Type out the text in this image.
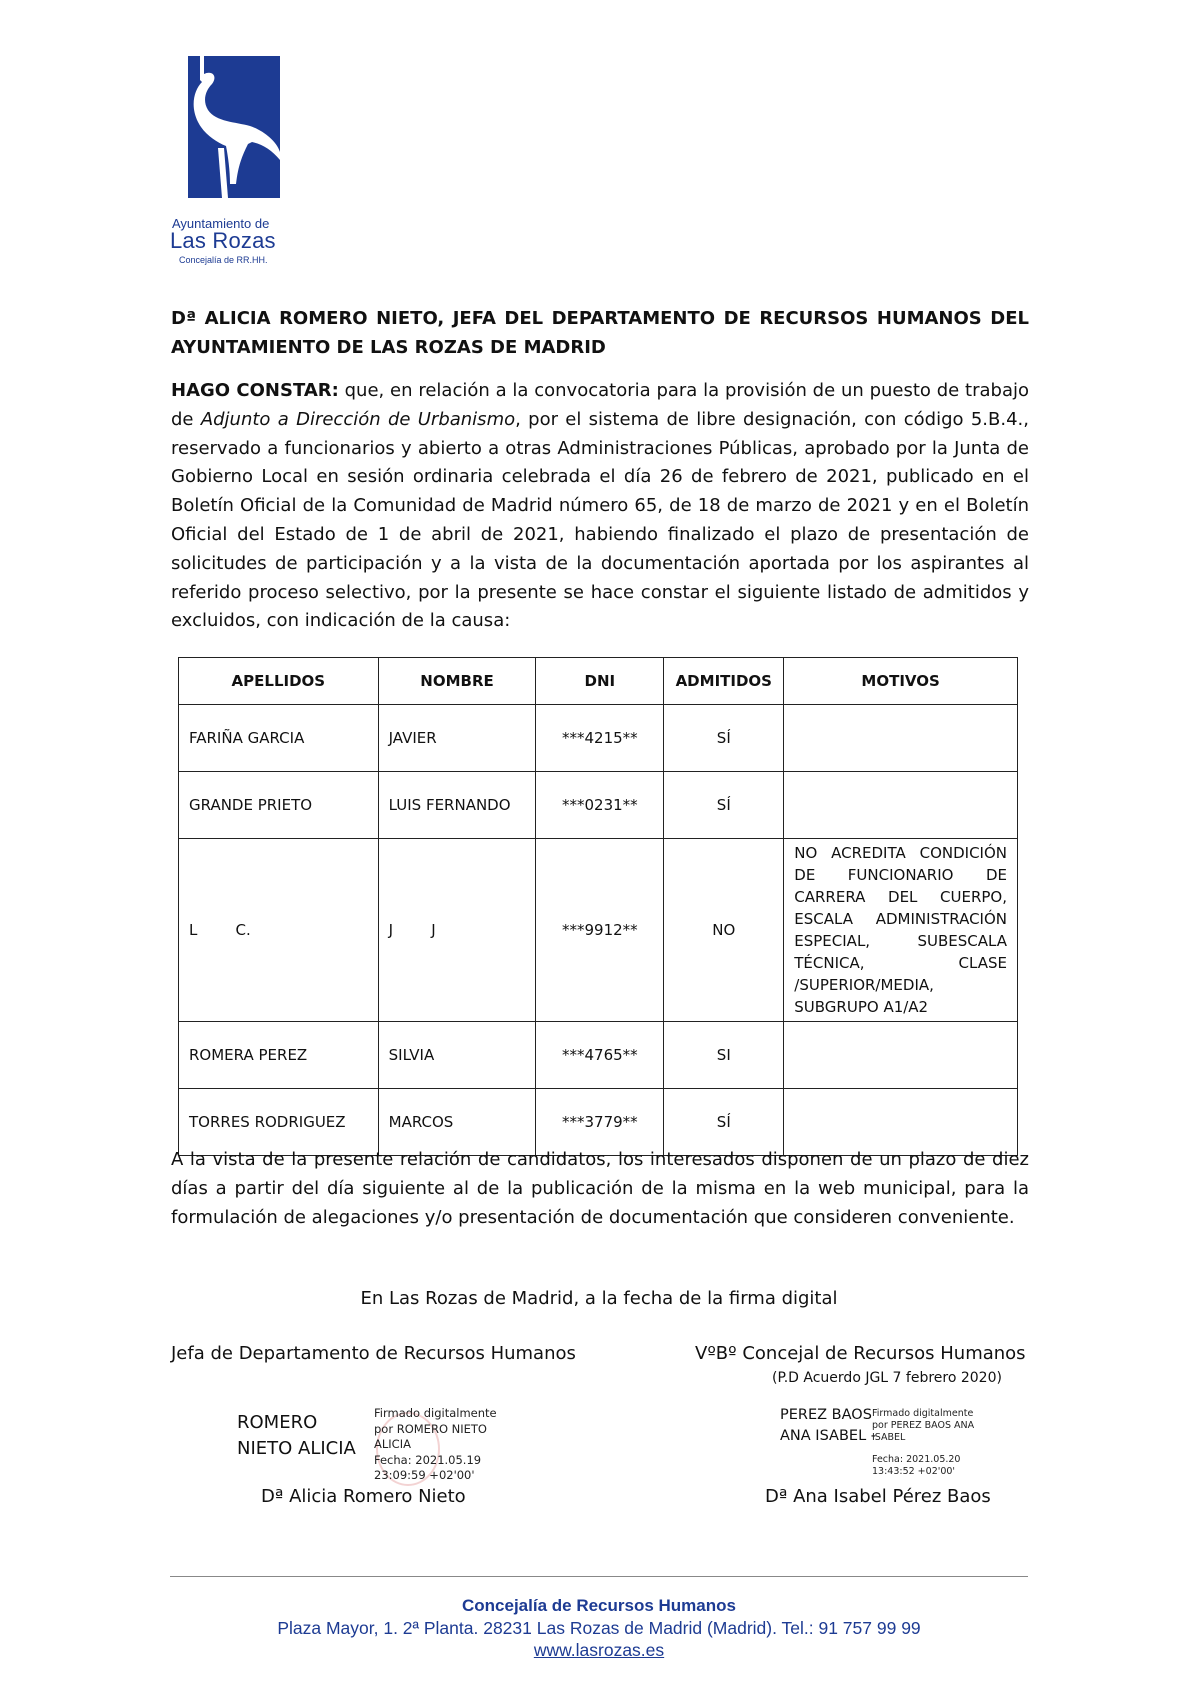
Ayuntamiento de
Las Rozas
Concejalía de RR.HH.
Dª ALICIA ROMERO NIETO, JEFA DEL DEPARTAMENTO DE RECURSOS HUMANOS DEL AYUNTAMIENTO DE LAS ROZAS DE MADRID
HAGO CONSTAR: que, en relación a la convocatoria para la provisión de un puesto de trabajo de Adjunto a Dirección de Urbanismo, por el sistema de libre designación, con código 5.B.4., reservado a funcionarios y abierto a otras Administraciones Públicas, aprobado por la Junta de Gobierno Local en sesión ordinaria celebrada el día 26 de febrero de 2021, publicado en el Boletín Oficial de la Comunidad de Madrid número 65, de 18 de marzo de 2021 y en el Boletín Oficial del Estado de 1 de abril de 2021, habiendo finalizado el plazo de presentación de solicitudes de participación y a la vista de la documentación aportada por los aspirantes al referido proceso selectivo, por la presente se hace constar el siguiente listado de admitidos y excluidos, con indicación de la causa:
APELLIDOS	NOMBRE	DNI	ADMITIDOS	MOTIVOS
FARIÑA GARCIA	JAVIER	***4215**	SÍ	
GRANDE PRIETO	LUIS FERNANDO	***0231**	SÍ	
L        C.	J        J	***9912**	NO	NO ACREDITA CONDICIÓN DE FUNCIONARIO DE CARRERA DEL CUERPO, ESCALA ADMINISTRACIÓN ESPECIAL, SUBESCALA TÉCNICA, CLASE /SUPERIOR/MEDIA, SUBGRUPO A1/A2
ROMERA PEREZ	SILVIA	***4765**	SI	
TORRES RODRIGUEZ	MARCOS	***3779**	SÍ	
A la vista de la presente relación de candidatos, los interesados disponen de un plazo de diez días a partir del día siguiente al de la publicación de la misma en la web municipal, para la formulación de alegaciones y/o presentación de documentación que consideren conveniente.
En Las Rozas de Madrid, a la fecha de la firma digital
Jefa de Departamento de Recursos Humanos
ROMERO NIETO ALICIA
Firmado digitalmente
por ROMERO NIETO
ALICIA
Fecha: 2021.05.19
23:09:59 +02'00'
Dª Alicia Romero Nieto
VºBº Concejal de Recursos Humanos
(P.D Acuerdo JGL 7 febrero 2020)
PEREZ BAOS
ANA ISABEL -
Firmado digitalmente
por PEREZ BAOS ANA
ISABEL
Fecha: 2021.05.20
13:43:52 +02'00'
Dª Ana Isabel Pérez Baos
Concejalía de Recursos Humanos
Plaza Mayor, 1. 2ª Planta. 28231 Las Rozas de Madrid (Madrid). Tel.: 91 757 99 99
www.lasrozas.es
